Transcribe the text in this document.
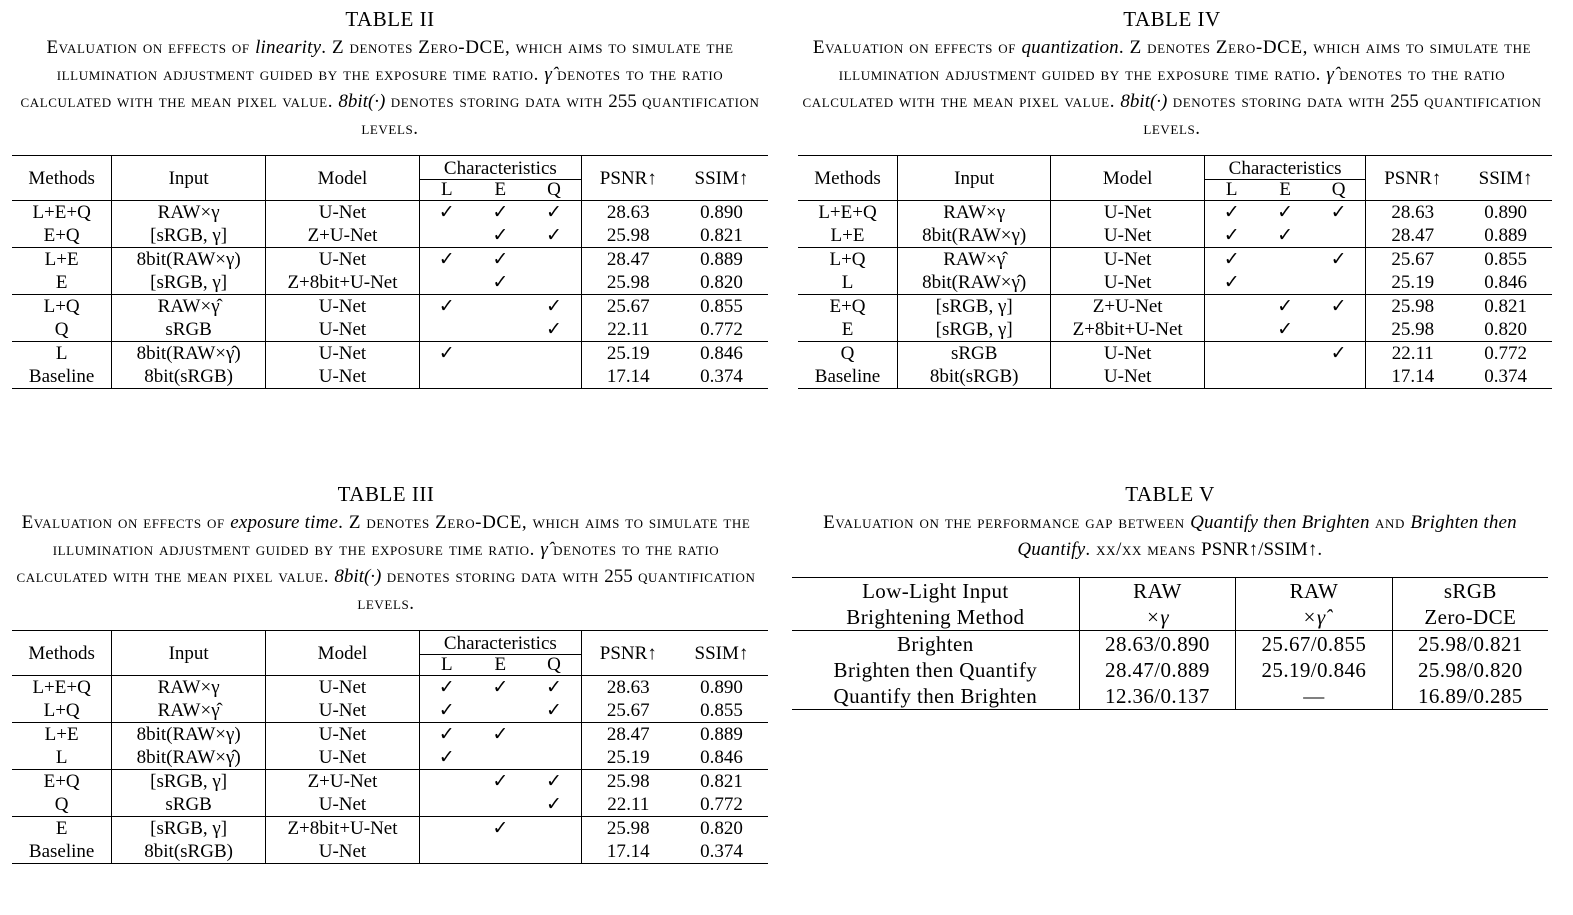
TABLE II
Evaluation on effects of linearity. Z denotes Zero-DCE, which aims to simulate the illumination adjustment guided by the exposure time ratio. γ̂ denotes to the ratio calculated with the mean pixel value. 8bit(·) denotes storing data with 255 quantification levels.
Methods	Input	Model	Characteristics			PSNR↑	SSIM↑
			L	E	Q		
L+E+Q	RAW×γ	U-Net	✓	✓	✓	28.63	0.890
E+Q	[sRGB, γ]	Z+U-Net		✓	✓	25.98	0.821
L+E	8bit(RAW×γ)	U-Net	✓	✓		28.47	0.889
E	[sRGB, γ]	Z+8bit+U-Net		✓		25.98	0.820
L+Q	RAW×γ̂	U-Net	✓		✓	25.67	0.855
Q	sRGB	U-Net			✓	22.11	0.772
L	8bit(RAW×γ̂)	U-Net	✓			25.19	0.846
Baseline	8bit(sRGB)	U-Net				17.14	0.374
TABLE III
Evaluation on effects of exposure time. Z denotes Zero-DCE, which aims to simulate the illumination adjustment guided by the exposure time ratio. γ̂ denotes to the ratio calculated with the mean pixel value. 8bit(·) denotes storing data with 255 quantification levels.
Methods	Input	Model	Characteristics			PSNR↑	SSIM↑
			L	E	Q		
L+E+Q	RAW×γ	U-Net	✓	✓	✓	28.63	0.890
L+Q	RAW×γ̂	U-Net	✓		✓	25.67	0.855
L+E	8bit(RAW×γ)	U-Net	✓	✓		28.47	0.889
L	8bit(RAW×γ̂)	U-Net	✓			25.19	0.846
E+Q	[sRGB, γ]	Z+U-Net		✓	✓	25.98	0.821
Q	sRGB	U-Net			✓	22.11	0.772
E	[sRGB, γ]	Z+8bit+U-Net		✓		25.98	0.820
Baseline	8bit(sRGB)	U-Net				17.14	0.374
TABLE IV
Evaluation on effects of quantization. Z denotes Zero-DCE, which aims to simulate the illumination adjustment guided by the exposure time ratio. γ̂ denotes to the ratio calculated with the mean pixel value. 8bit(·) denotes storing data with 255 quantification levels.
Methods	Input	Model	Characteristics			PSNR↑	SSIM↑
			L	E	Q		
L+E+Q	RAW×γ	U-Net	✓	✓	✓	28.63	0.890
L+E	8bit(RAW×γ)	U-Net	✓	✓		28.47	0.889
L+Q	RAW×γ̂	U-Net	✓		✓	25.67	0.855
L	8bit(RAW×γ̂)	U-Net	✓			25.19	0.846
E+Q	[sRGB, γ]	Z+U-Net		✓	✓	25.98	0.821
E	[sRGB, γ]	Z+8bit+U-Net		✓		25.98	0.820
Q	sRGB	U-Net			✓	22.11	0.772
Baseline	8bit(sRGB)	U-Net				17.14	0.374
TABLE V
Evaluation on the performance gap between Quantify then Brighten and Brighten then Quantify. xx/xx means PSNR↑/SSIM↑.
Low-Light Input	RAW	RAW	sRGB
Brightening Method	×γ	×γ̂	Zero-DCE
Brighten	28.63/0.890	25.67/0.855	25.98/0.821
Brighten then Quantify	28.47/0.889	25.19/0.846	25.98/0.820
Quantify then Brighten	12.36/0.137	—	16.89/0.285
